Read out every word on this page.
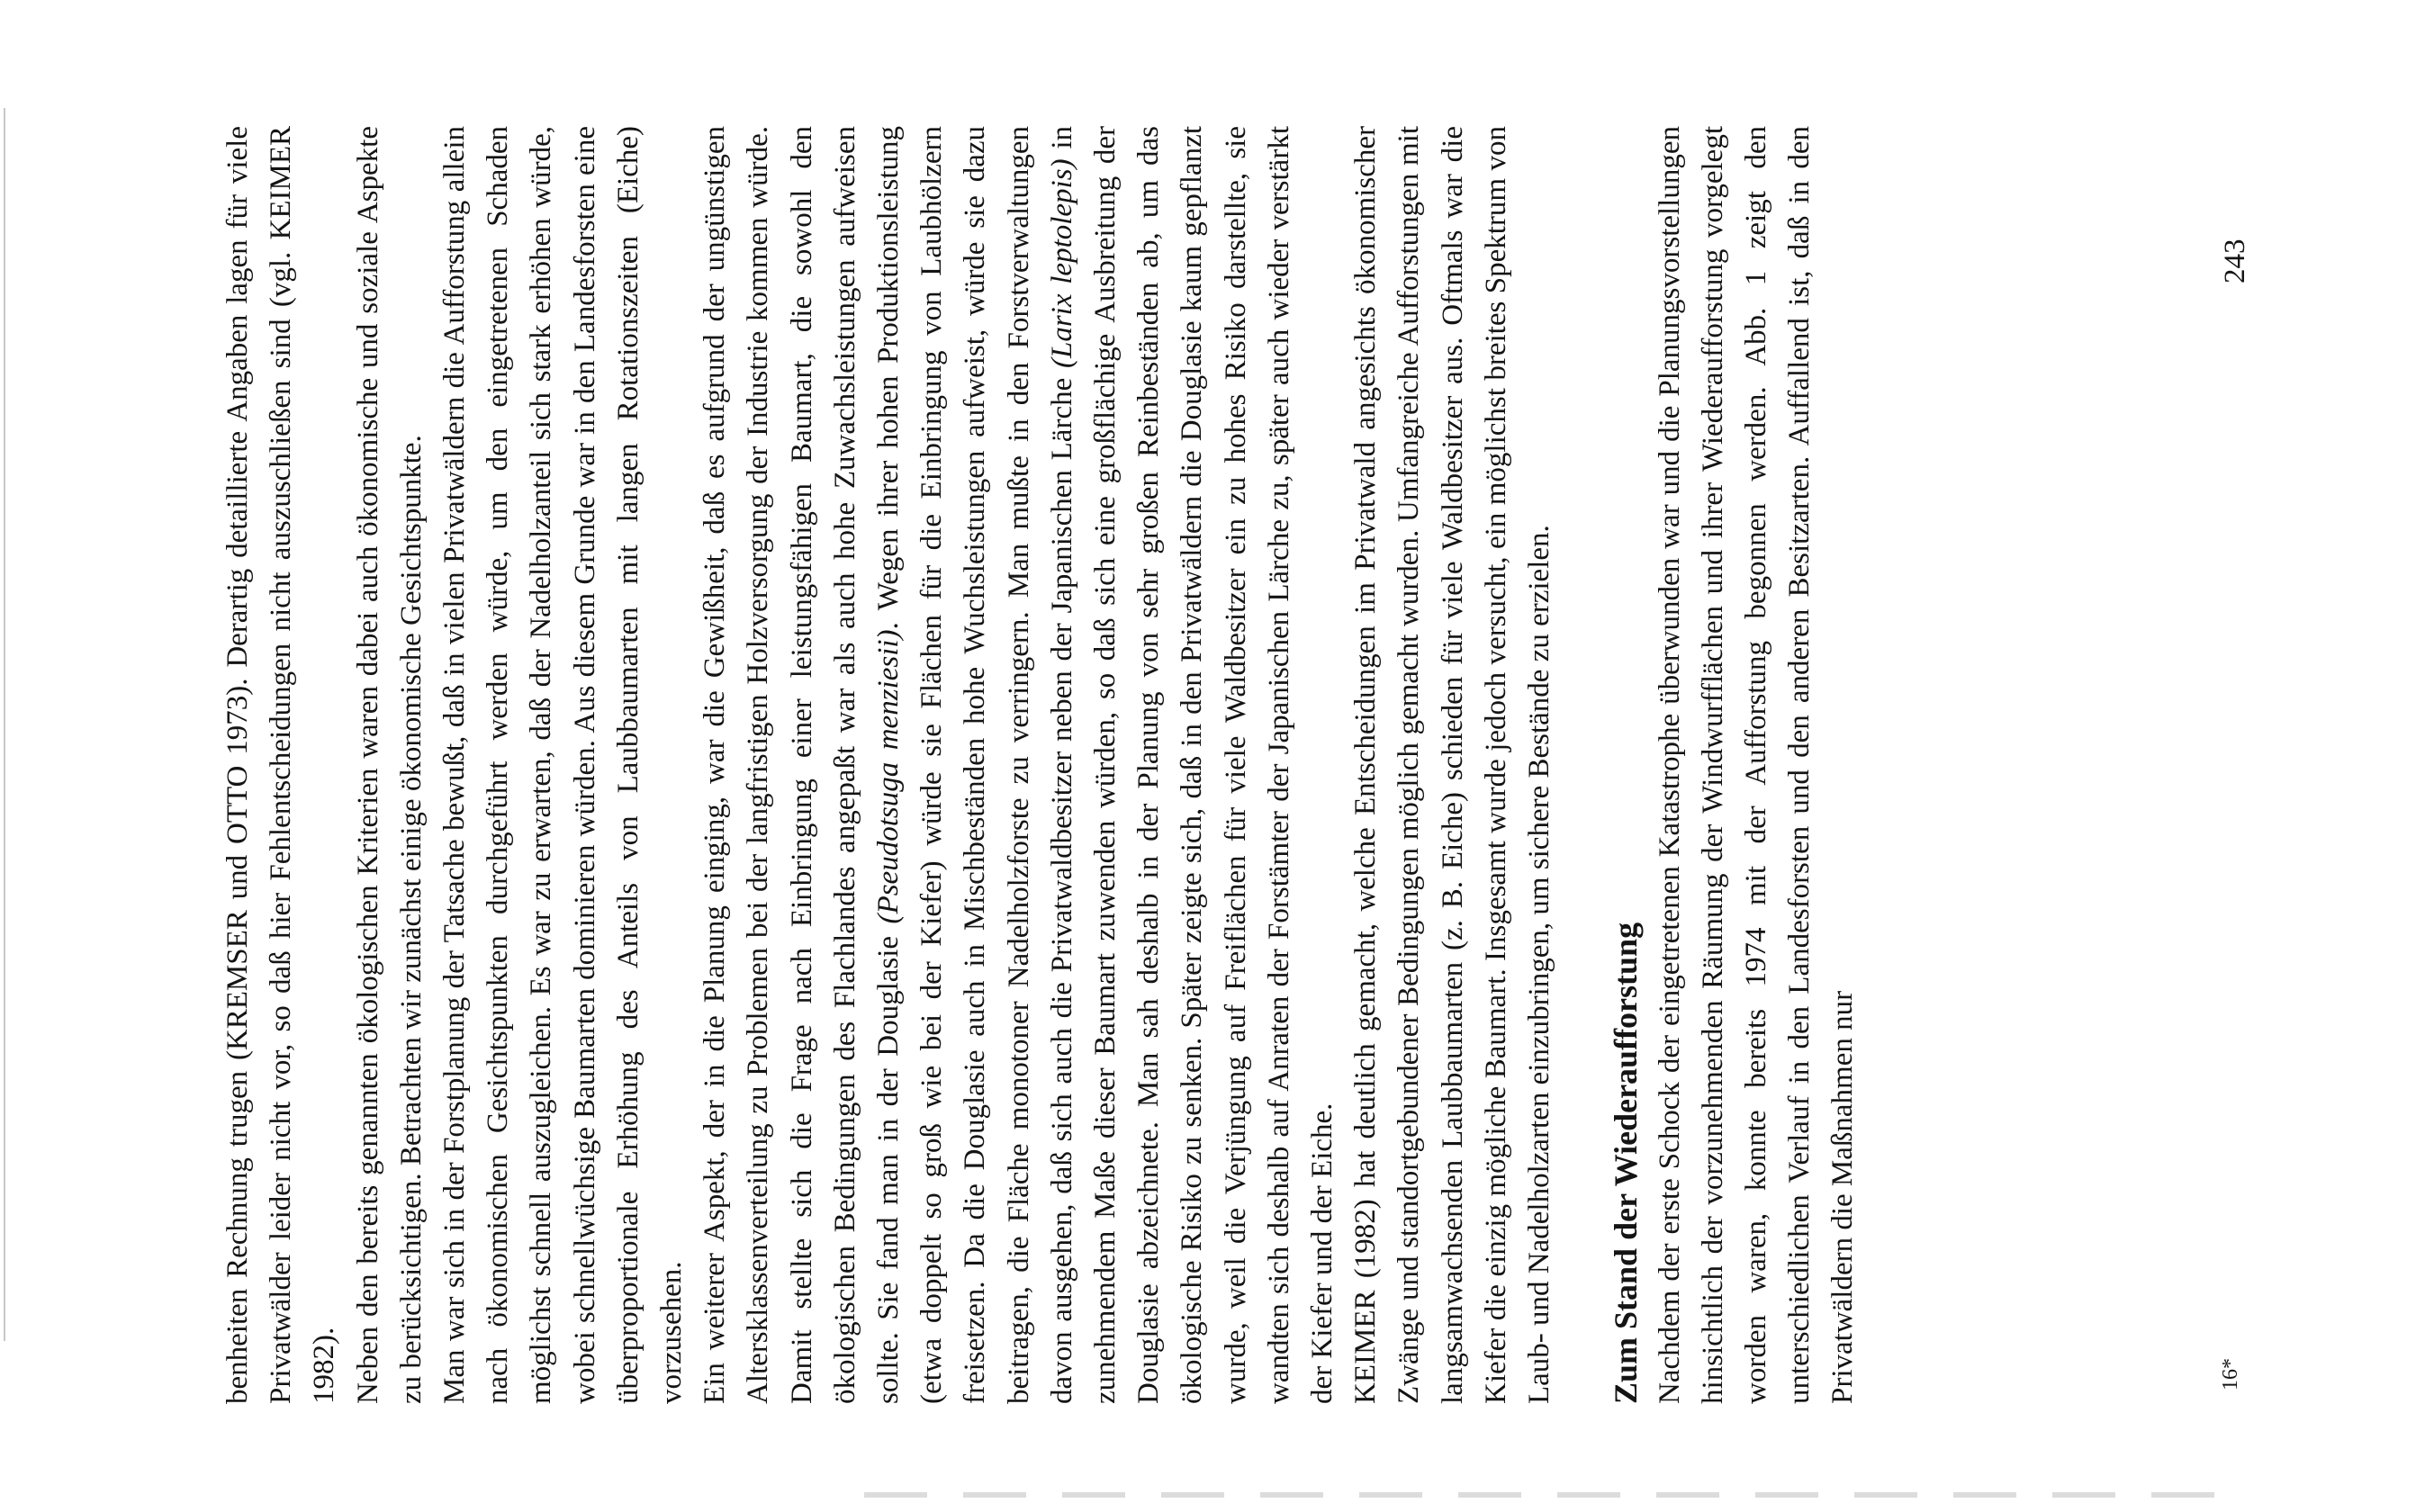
benheiten Rechnung trugen (KREMSER und OTTO 1973). Derartig detaillierte Angaben lagen für viele Privatwälder leider nicht vor, so daß hier Fehlentscheidungen nicht auszuschließen sind (vgl. KEIMER 1982). Neben den bereits genannten ökologischen Kriterien waren dabei auch ökonomische und soziale Aspekte zu berücksichtigen. Betrachten wir zunächst einige ökonomische Gesichtspunkte. Man war sich in der Forstplanung der Tatsache bewußt, daß in vielen Privatwäldern die Aufforstung allein nach ökonomischen Gesichtspunkten durchgeführt werden würde, um den eingetretenen Schaden möglichst schnell auszugleichen. Es war zu erwarten, daß der Nadelholzanteil sich stark erhöhen würde, wobei schnellwüchsige Baumarten dominieren würden. Aus diesem Grunde war in den Landesforsten eine überproportionale Erhöhung des Anteils von Laubbaumarten mit langen Rotationszeiten (Eiche) vorzusehen. Ein weiterer Aspekt, der in die Planung einging, war die Gewißheit, daß es aufgrund der ungünstigen Altersklassenverteilung zu Problemen bei der langfristigen Holzversorgung der Industrie kommen würde. Damit stellte sich die Frage nach Einbringung einer leistungsfähigen Baumart, die sowohl den ökologischen Bedingungen des Flachlandes angepaßt war als auch hohe Zuwachsleistungen aufweisen sollte. Sie fand man in der Douglasie (Pseudotsuga menziesii). Wegen ihrer hohen Produktionsleistung (etwa doppelt so groß wie bei der Kiefer) würde sie Flächen für die Einbringung von Laubhölzern freisetzen. Da die Douglasie auch in Mischbeständen hohe Wuchsleistungen aufweist, würde sie dazu beitragen, die Fläche monotoner Nadelholzforste zu verringern. Man mußte in den Forstverwaltungen davon ausgehen, daß sich auch die Privatwaldbesitzer neben der Japanischen Lärche (Larix leptolepis) in zunehmendem Maße dieser Baumart zuwenden würden, so daß sich eine großflächige Ausbreitung der Douglasie abzeichnete. Man sah deshalb in der Planung von sehr großen Reinbeständen ab, um das ökologische Risiko zu senken. Später zeigte sich, daß in den Privatwäldern die Douglasie kaum gepflanzt wurde, weil die Verjüngung auf Freiflächen für viele Waldbesitzer ein zu hohes Risiko darstellte, sie wandten sich deshalb auf Anraten der Forstämter der Japanischen Lärche zu, später auch wieder verstärkt der Kiefer und der Eiche. KEIMER (1982) hat deutlich gemacht, welche Entscheidungen im Privatwald angesichts ökonomischer Zwänge und standortgebundener Bedingungen möglich gemacht wurden. Umfangreiche Aufforstungen mit langsamwachsenden Laubbaumarten (z. B. Eiche) schieden für viele Waldbesitzer aus. Oftmals war die Kiefer die einzig mögliche Baumart. Insgesamt wurde jedoch versucht, ein möglichst breites Spektrum von Laub- und Nadelholzarten einzubringen, um sichere Bestände zu erzielen. Zum Stand der Wiederaufforstung Nachdem der erste Schock der eingetretenen Katastrophe überwunden war und die Planungsvorstellungen hinsichtlich der vorzunehmenden Räumung der Windwurfflächen und ihrer Wiederaufforstung vorgelegt worden waren, konnte bereits 1974 mit der Aufforstung begonnen werden. Abb. 1 zeigt den unterschiedlichen Verlauf in den Landesforsten und den anderen Besitzarten. Auffallend ist, daß in den Privatwäldern die Maßnahmen nur	16*
243
